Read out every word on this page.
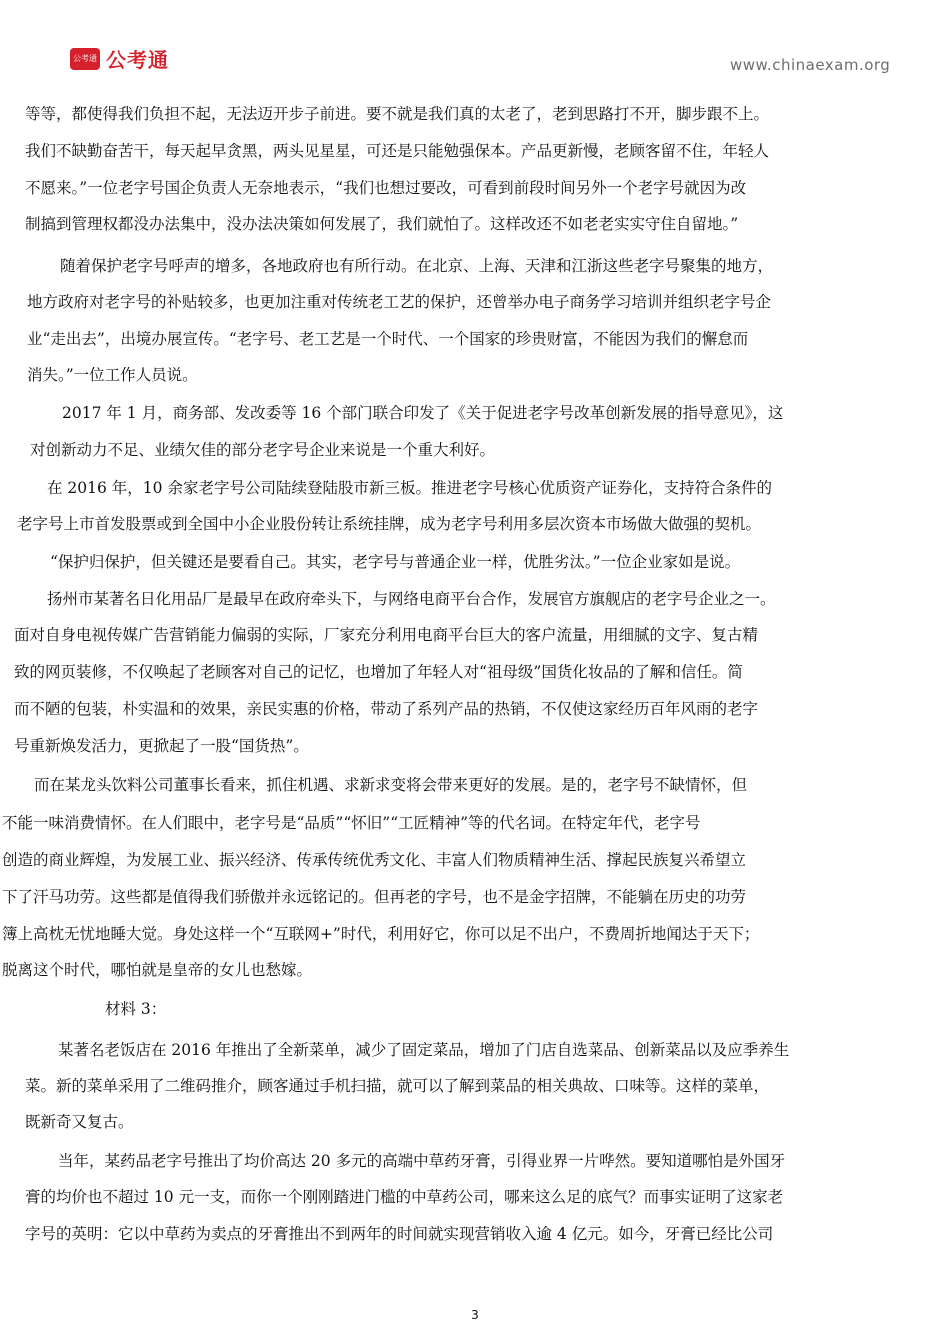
公考通 公考通	www.chinaexam.org
等等，都使得我们负担不起，无法迈开步子前进。要不就是我们真的太老了，老到思路打不开，脚步跟不上。
我们不缺勤奋苦干，每天起早贪黑，两头见星星，可还是只能勉强保本。产品更新慢，老顾客留不住，年轻人
不愿来。”一位老字号国企负责人无奈地表示，“我们也想过要改，可看到前段时间另外一个老字号就因为改
制搞到管理权都没办法集中，没办法决策如何发展了，我们就怕了。这样改还不如老老实实守住自留地。”
随着保护老字号呼声的增多，各地政府也有所行动。在北京、上海、天津和江浙这些老字号聚集的地方，
地方政府对老字号的补贴较多，也更加注重对传统老工艺的保护，还曾举办电子商务学习培训并组织老字号企
业“走出去”，出境办展宣传。“老字号、老工艺是一个时代、一个国家的珍贵财富，不能因为我们的懈怠而
消失。”一位工作人员说。
2017 年 1 月，商务部、发改委等 16 个部门联合印发了《关于促进老字号改革创新发展的指导意见》，这
对创新动力不足、业绩欠佳的部分老字号企业来说是一个重大利好。
在 2016 年，10 余家老字号公司陆续登陆股市新三板。推进老字号核心优质资产证券化，支持符合条件的
老字号上市首发股票或到全国中小企业股份转让系统挂牌，成为老字号利用多层次资本市场做大做强的契机。
“保护归保护，但关键还是要看自己。其实，老字号与普通企业一样，优胜劣汰。”一位企业家如是说。
扬州市某著名日化用品厂是最早在政府牵头下，与网络电商平台合作，发展官方旗舰店的老字号企业之一。
面对自身电视传媒广告营销能力偏弱的实际，厂家充分利用电商平台巨大的客户流量，用细腻的文字、复古精
致的网页装修，不仅唤起了老顾客对自己的记忆，也增加了年轻人对“祖母级”国货化妆品的了解和信任。简
而不陋的包装，朴实温和的效果，亲民实惠的价格，带动了系列产品的热销，不仅使这家经历百年风雨的老字
号重新焕发活力，更掀起了一股“国货热”。
而在某龙头饮料公司董事长看来，抓住机遇、求新求变将会带来更好的发展。是的，老字号不缺情怀，但
不能一味消费情怀。在人们眼中，老字号是“品质”“怀旧”“工匠精神”等的代名词。在特定年代，老字号
创造的商业辉煌，为发展工业、振兴经济、传承传统优秀文化、丰富人们物质精神生活、撑起民族复兴希望立
下了汗马功劳。这些都是值得我们骄傲并永远铭记的。但再老的字号，也不是金字招牌，不能躺在历史的功劳
簿上高枕无忧地睡大觉。身处这样一个“互联网+”时代，利用好它，你可以足不出户，不费周折地闻达于天下；
脱离这个时代，哪怕就是皇帝的女儿也愁嫁。
材料 3：
某著名老饭店在 2016 年推出了全新菜单，减少了固定菜品，增加了门店自选菜品、创新菜品以及应季养生
菜。新的菜单采用了二维码推介，顾客通过手机扫描，就可以了解到菜品的相关典故、口味等。这样的菜单，
既新奇又复古。
当年，某药品老字号推出了均价高达 20 多元的高端中草药牙膏，引得业界一片哗然。要知道哪怕是外国牙
膏的均价也不超过 10 元一支，而你一个刚刚踏进门槛的中草药公司，哪来这么足的底气？而事实证明了这家老
字号的英明：它以中草药为卖点的牙膏推出不到两年的时间就实现营销收入逾 4 亿元。如今，牙膏已经比公司
3
